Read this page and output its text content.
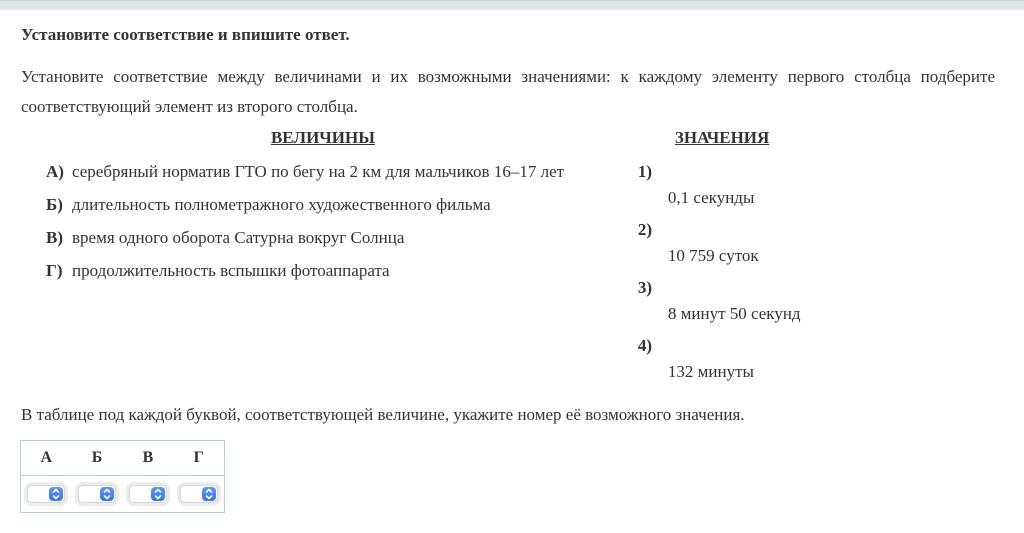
Установите соответствие и впишите ответ.

Установите соответствие между величинами и их возможными значениями: к каждому элементу первого столбца подберите соответствующий элемент из второго столбца.

ВЕЛИЧИНЫ
А) серебряный норматив ГТО по бегу на 2 км для мальчиков 16–17 лет
Б) длительность полнометражного художественного фильма
В) время одного оборота Сатурна вокруг Солнца
Г) продолжительность вспышки фотоаппарата
ЗНАЧЕНИЯ
1)
0,1 секунды
2)
10 759 суток
3)
8 минут 50 секунд
4)
132 минуты

В таблице под каждой буквой, соответствующей величине, укажите номер её возможного значения.

А	Б	В	Г
